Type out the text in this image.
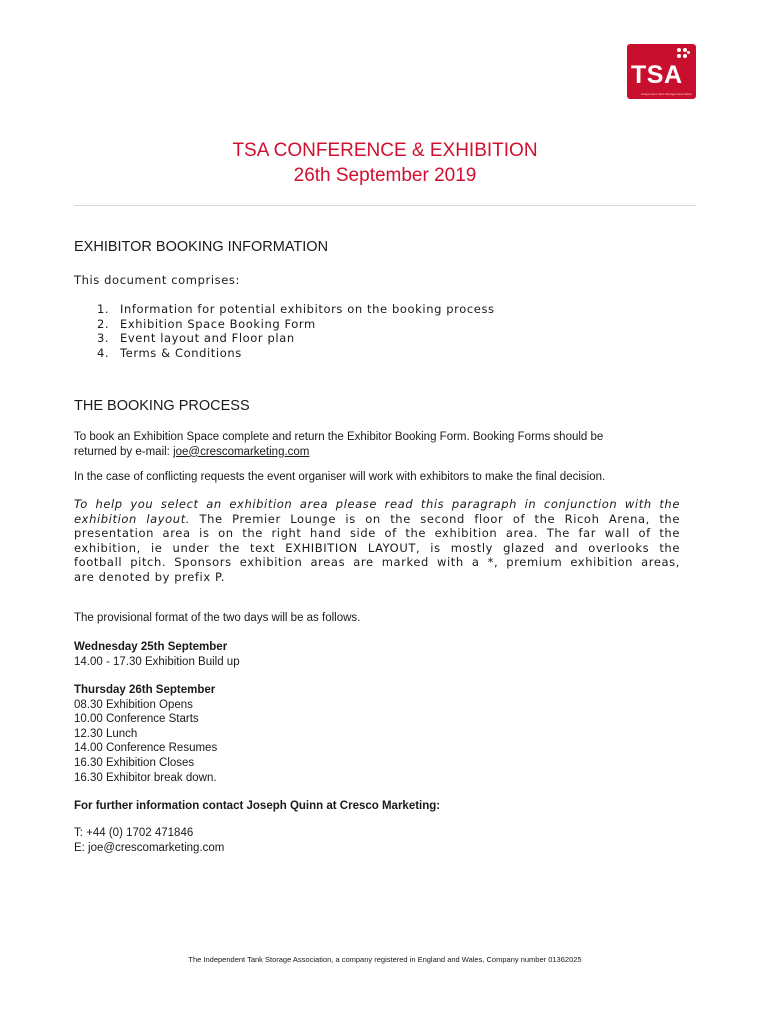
TSA
Independent Tank Storage Association
TSA CONFERENCE & EXHIBITION
26th September 2019
EXHIBITOR BOOKING INFORMATION
This document comprises:
1. Information for potential exhibitors on the booking process
2. Exhibition Space Booking Form
3. Event layout and Floor plan
4. Terms & Conditions
THE BOOKING PROCESS
To book an Exhibition Space complete and return the Exhibitor Booking Form. Booking Forms should be
returned by e-mail: joe@crescomarketing.com
In the case of conflicting requests the event organiser will work with exhibitors to make the final decision.
To help you select an exhibition area please read this paragraph in conjunction with the
exhibition layout. The Premier Lounge is on the second floor of the Ricoh Arena, the
presentation area is on the right hand side of the exhibition area. The far wall of the
exhibition, ie under the text EXHIBITION LAYOUT, is mostly glazed and overlooks the
football pitch. Sponsors exhibition areas are marked with a *, premium exhibition areas,
are denoted by prefix P.
The provisional format of the two days will be as follows.
Wednesday 25th September
14.00 - 17.30 Exhibition Build up
Thursday 26th September
08.30 Exhibition Opens
10.00 Conference Starts
12.30 Lunch
14.00 Conference Resumes
16.30 Exhibition Closes
16.30 Exhibitor break down.
For further information contact Joseph Quinn at Cresco Marketing:
T: +44 (0) 1702 471846
E: joe@crescomarketing.com
The Independent Tank Storage Association, a company registered in England and Wales, Company number 01362025
